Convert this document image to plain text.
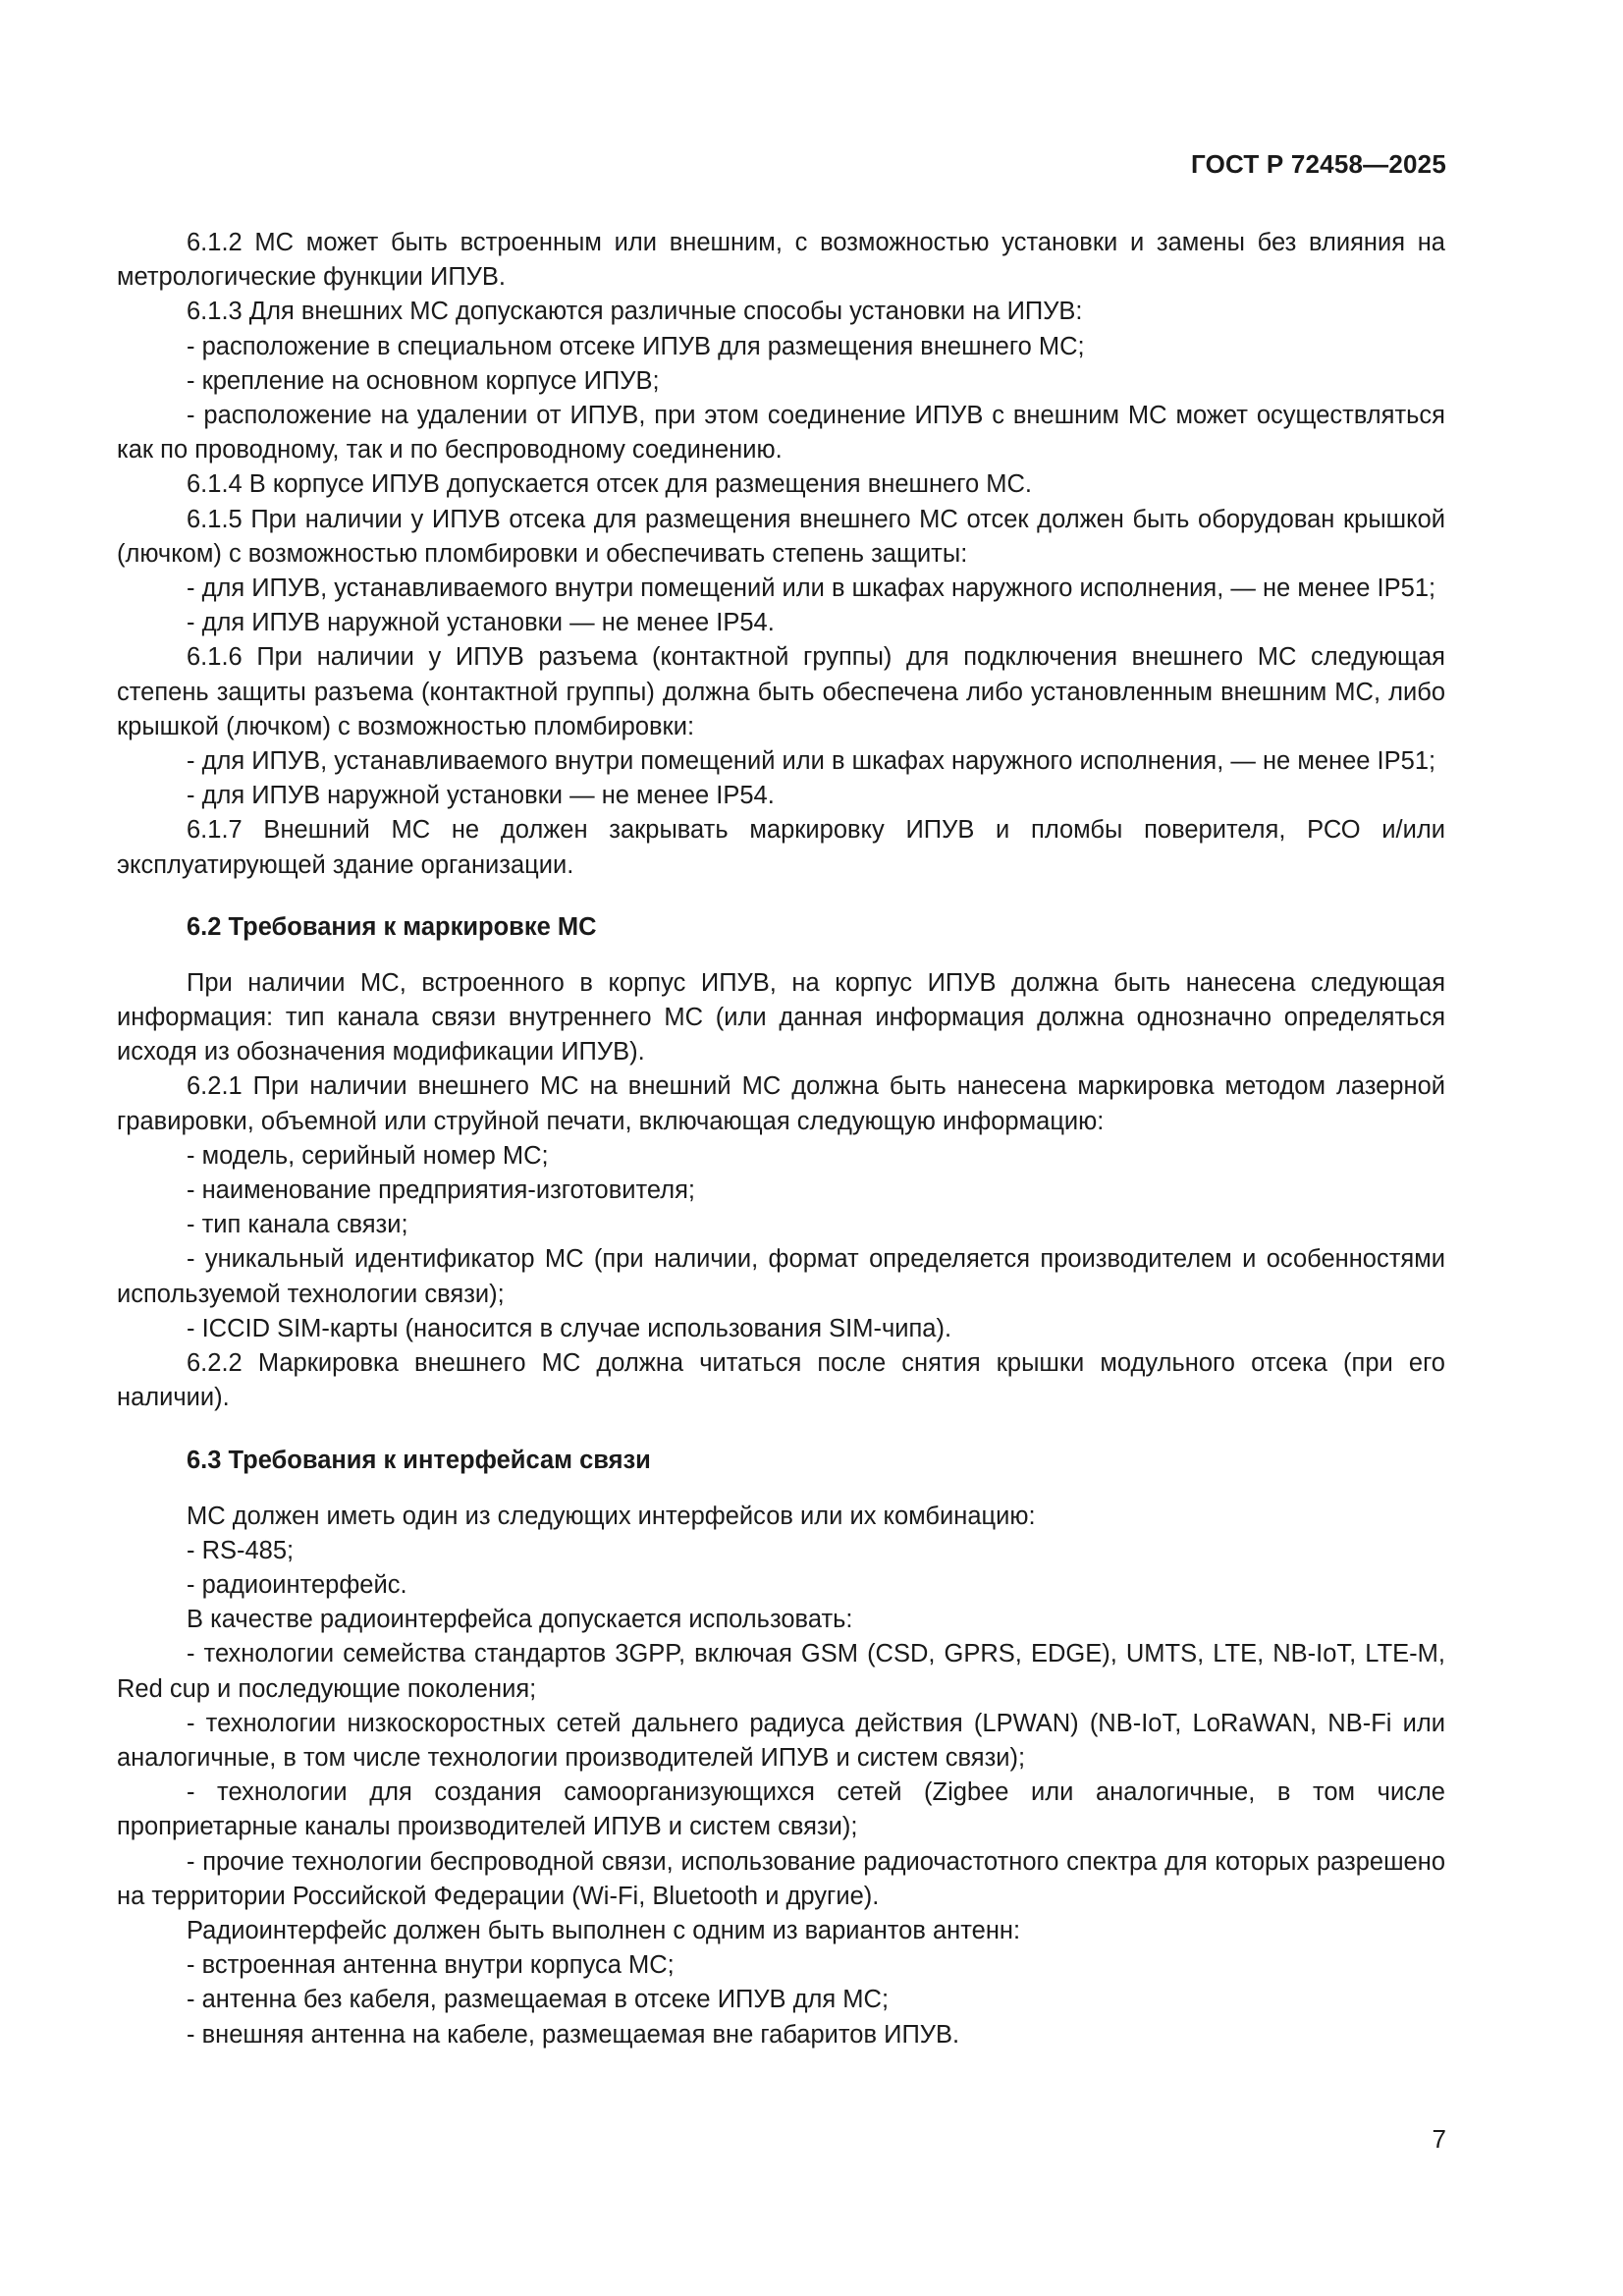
ГОСТ Р 72458—2025

6.1.2 МС может быть встроенным или внешним, с возможностью установки и замены без влияния на метрологические функции ИПУВ.

6.1.3 Для внешних МС допускаются различные способы установки на ИПУВ:

- расположение в специальном отсеке ИПУВ для размещения внешнего МС;
- крепление на основном корпусе ИПУВ;
- расположение на удалении от ИПУВ, при этом соединение ИПУВ с внешним МС может осуществляться как по проводному, так и по беспроводному соединению.

6.1.4 В корпусе ИПУВ допускается отсек для размещения внешнего МС.

6.1.5 При наличии у ИПУВ отсека для размещения внешнего МС отсек должен быть оборудован крышкой (лючком) с возможностью пломбировки и обеспечивать степень защиты:

- для ИПУВ, устанавливаемого внутри помещений или в шкафах наружного исполнения, — не менее IP51;
- для ИПУВ наружной установки — не менее IP54.

6.1.6 При наличии у ИПУВ разъема (контактной группы) для подключения внешнего МС следующая степень защиты разъема (контактной группы) должна быть обеспечена либо установленным внешним МС, либо крышкой (лючком) с возможностью пломбировки:

- для ИПУВ, устанавливаемого внутри помещений или в шкафах наружного исполнения, — не менее IP51;
- для ИПУВ наружной установки — не менее IP54.

6.1.7 Внешний МС не должен закрывать маркировку ИПУВ и пломбы поверителя, РСО и/или эксплуатирующей здание организации.

6.2 Требования к маркировке МС

При наличии МС, встроенного в корпус ИПУВ, на корпус ИПУВ должна быть нанесена следующая информация: тип канала связи внутреннего МС (или данная информация должна однозначно определяться исходя из обозначения модификации ИПУВ).

6.2.1 При наличии внешнего МС на внешний МС должна быть нанесена маркировка методом лазерной гравировки, объемной или струйной печати, включающая следующую информацию:

- модель, серийный номер МС;
- наименование предприятия-изготовителя;
- тип канала связи;
- уникальный идентификатор МС (при наличии, формат определяется производителем и особенностями используемой технологии связи);
- ICCID SIM-карты (наносится в случае использования SIM-чипа).

6.2.2 Маркировка внешнего МС должна читаться после снятия крышки модульного отсека (при его наличии).

6.3 Требования к интерфейсам связи

МС должен иметь один из следующих интерфейсов или их комбинацию:

- RS-485;
- радиоинтерфейс.

В качестве радиоинтерфейса допускается использовать:

- технологии семейства стандартов 3GPP, включая GSM (CSD, GPRS, EDGE), UMTS, LTE, NB-IoT, LTE-M, Red cup и последующие поколения;
- технологии низкоскоростных сетей дальнего радиуса действия (LPWAN) (NB-IoT, LoRaWAN, NB-Fi или аналогичные, в том числе технологии производителей ИПУВ и систем связи);
- технологии для создания самоорганизующихся сетей (Zigbee или аналогичные, в том числе проприетарные каналы производителей ИПУВ и систем связи);
- прочие технологии беспроводной связи, использование радиочастотного спектра для которых разрешено на территории Российской Федерации (Wi-Fi, Bluetooth и другие).

Радиоинтерфейс должен быть выполнен с одним из вариантов антенн:

- встроенная антенна внутри корпуса МС;
- антенна без кабеля, размещаемая в отсеке ИПУВ для МС;
- внешняя антенна на кабеле, размещаемая вне габаритов ИПУВ.
7
